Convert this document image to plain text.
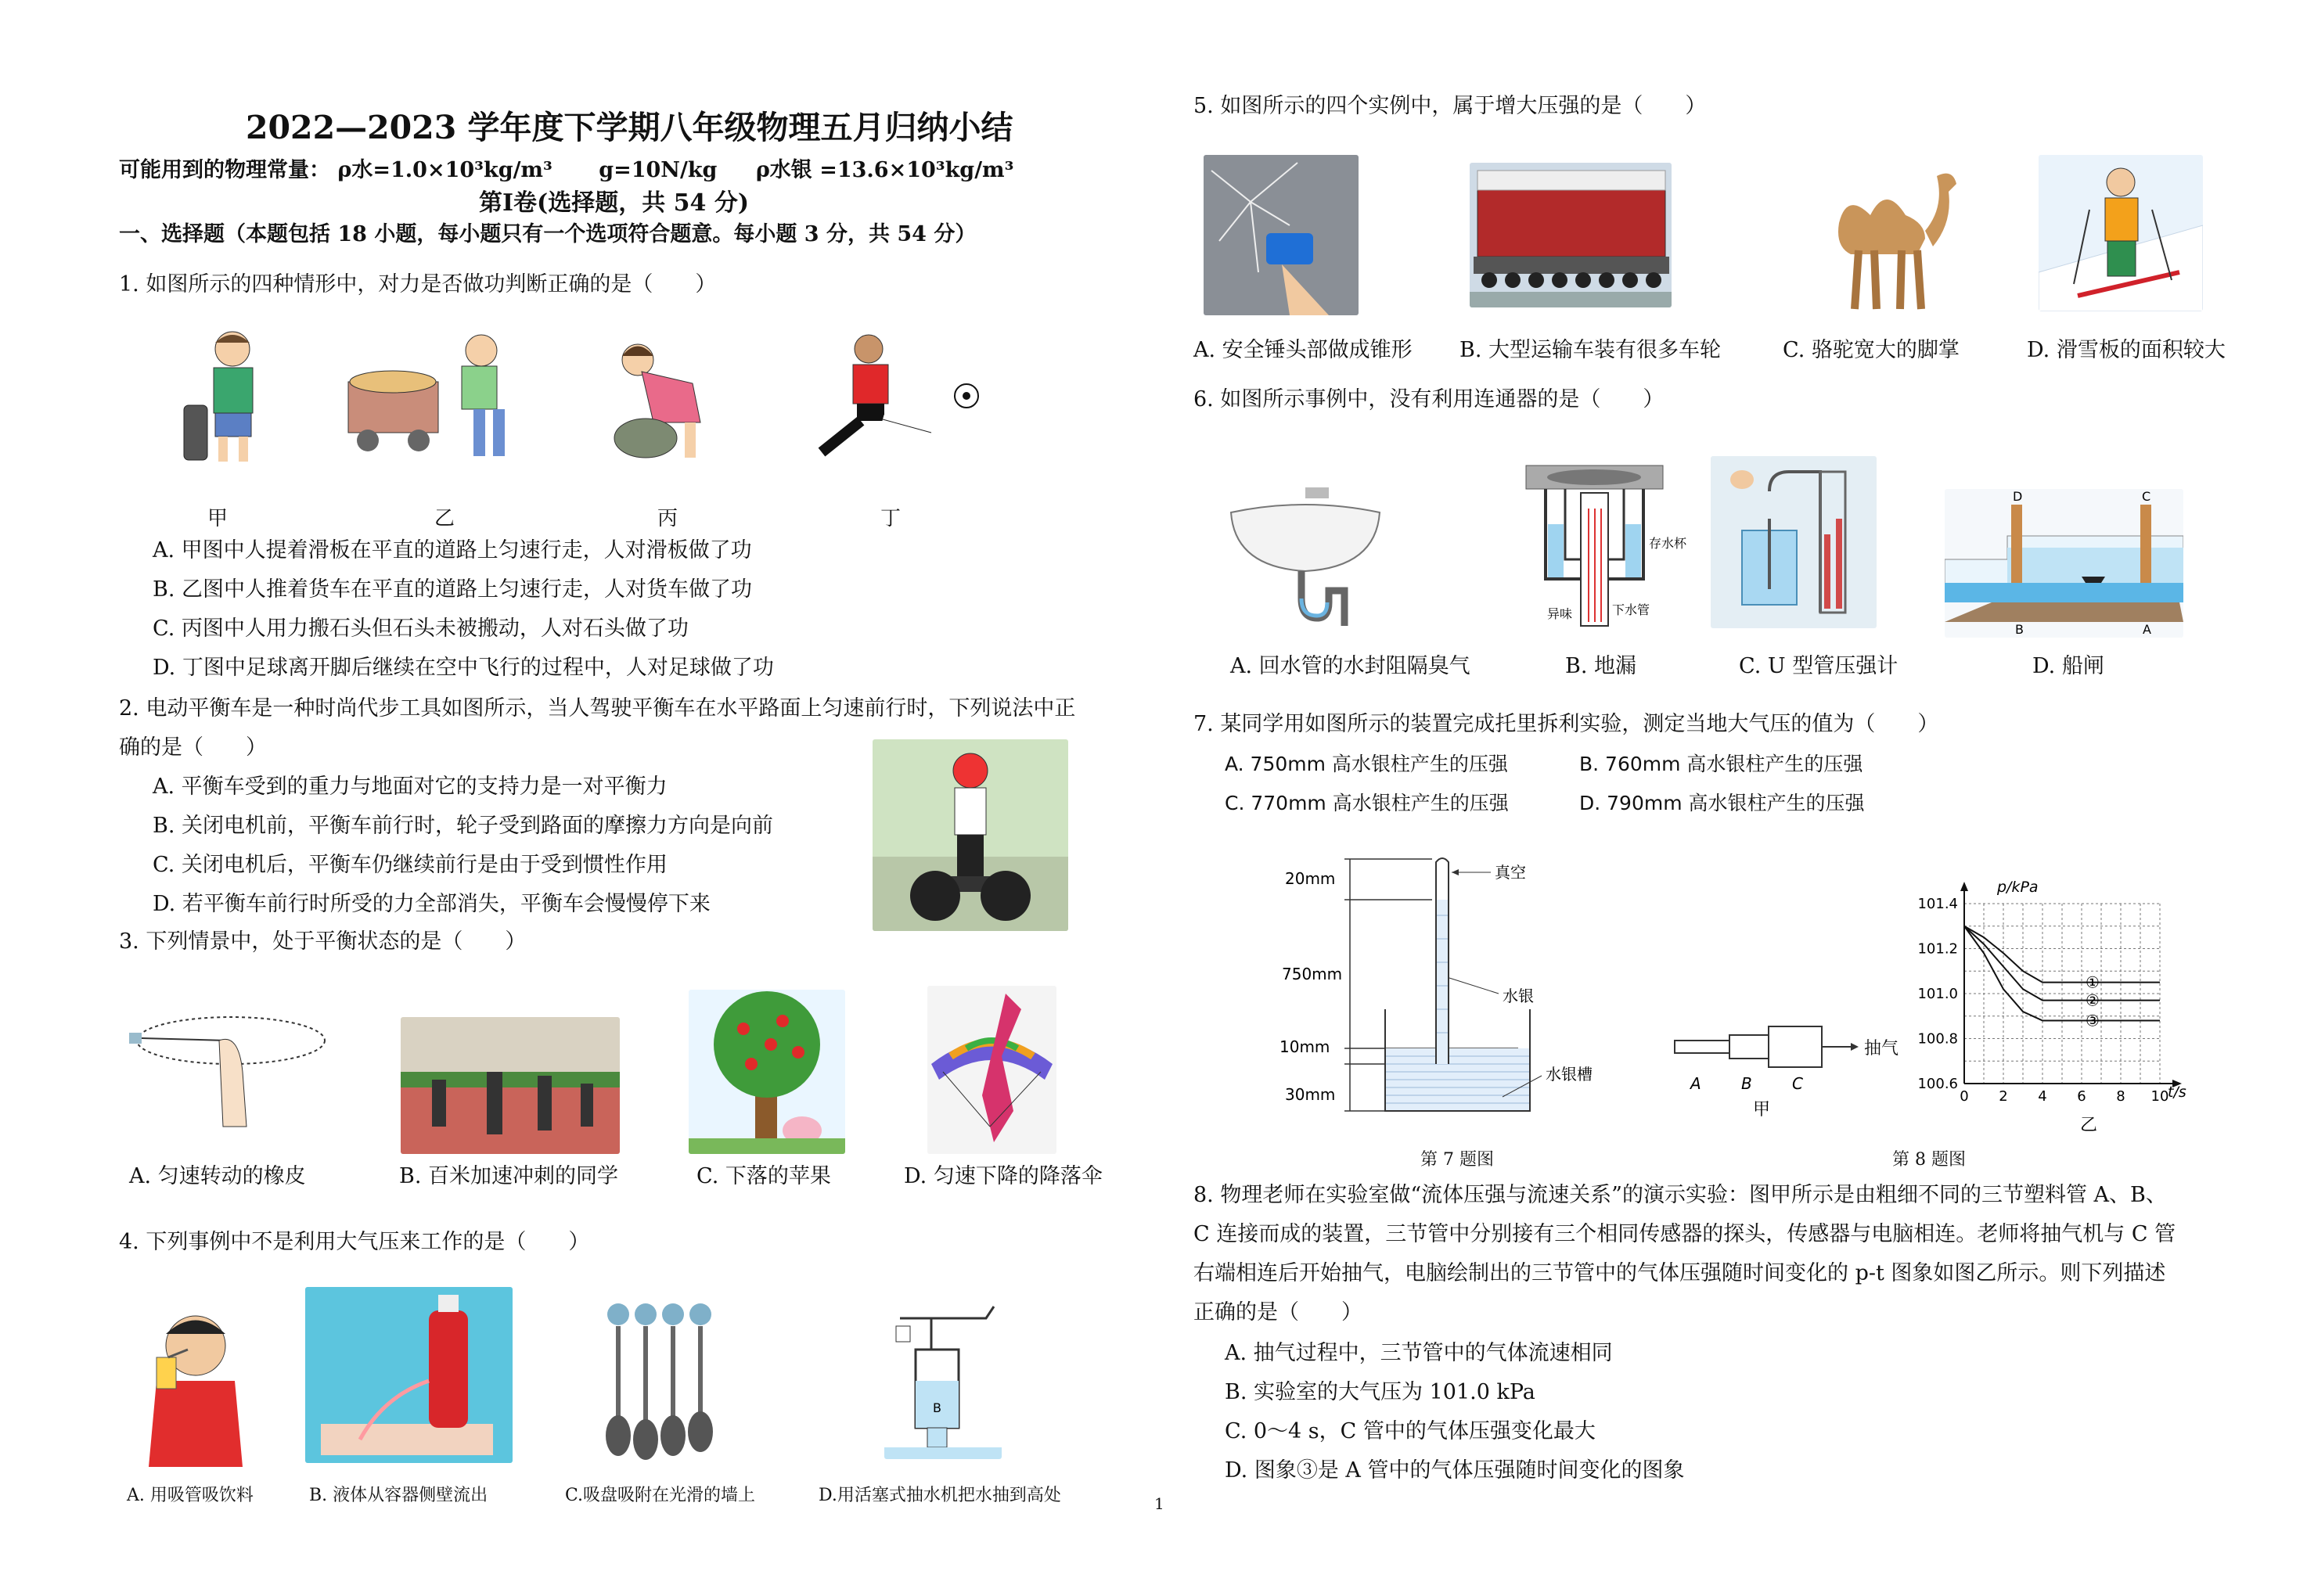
2022—2023 学年度下学期八年级物理五月归纳小结
可能用到的物理常量： ρ水=1.0×10³kg/m³ g=10N/kg ρ水银 =13.6×10³kg/m³
第Ⅰ卷(选择题，共 54 分)
一、选择题（本题包括 18 小题，每小题只有一个选项符合题意。每小题 3 分，共 54 分）
1. 如图所示的四种情形中，对力是否做功判断正确的是（　　）
甲	乙	丙	丁
A. 甲图中人提着滑板在平直的道路上匀速行走，人对滑板做了功
B. 乙图中人推着货车在平直的道路上匀速行走，人对货车做了功
C. 丙图中人用力搬石头但石头未被搬动，人对石头做了功
D. 丁图中足球离开脚后继续在空中飞行的过程中，人对足球做了功
2. 电动平衡车是一种时尚代步工具如图所示，当人驾驶平衡车在水平路面上匀速前行时，下列说法中正
确的是（　　）
A. 平衡车受到的重力与地面对它的支持力是一对平衡力
B. 关闭电机前，平衡车前行时，轮子受到路面的摩擦力方向是向前
C. 关闭电机后，平衡车仍继续前行是由于受到惯性作用
D. 若平衡车前行时所受的力全部消失，平衡车会慢慢停下来
3. 下列情景中，处于平衡状态的是（　　）
A. 匀速转动的橡皮	B. 百米加速冲刺的同学	C. 下落的苹果	D. 匀速下降的降落伞
4. 下列事例中不是利用大气压来工作的是（　　）
B
A. 用吸管吸饮料	B. 液体从容器侧壁流出	C.吸盘吸附在光滑的墙上	D.用活塞式抽水机把水抽到高处	1
5. 如图所示的四个实例中，属于增大压强的是（　　）
A. 安全锤头部做成锥形 B. 大型运输车装有很多车轮	C. 骆驼宽大的脚掌	D. 滑雪板的面积较大
6. 如图所示事例中，没有利用连通器的是（　　）
存水杯
异味	下水管
D	C
B	A
A. 回水管的水封阻隔臭气	B. 地漏	C. U 型管压强计	D. 船闸
7. 某同学用如图所示的装置完成托里拆利实验，测定当地大气压的值为（　　）
A. 750mm 高水银柱产生的压强	B. 760mm 高水银柱产生的压强
C. 770mm 高水银柱产生的压强	D. 790mm 高水银柱产生的压强
20mm
750mm
10mm
30mm
真空
水银
水银槽
第 7 题图
A	B	C
甲
抽气
0 2 4 6 8 10
100.6
100.8
101.0
101.2
101.4
①
②
③
p/kPa
t/s
乙
第 8 题图
8. 物理老师在实验室做“流体压强与流速关系”的演示实验：图甲所示是由粗细不同的三节塑料管 A、B、
C 连接而成的装置，三节管中分别接有三个相同传感器的探头，传感器与电脑相连。老师将抽气机与 C 管
右端相连后开始抽气，电脑绘制出的三节管中的气体压强随时间变化的 p-t 图象如图乙所示。则下列描述
正确的是（　　）
A. 抽气过程中，三节管中的气体流速相同
B. 实验室的大气压为 101.0 kPa
C. 0～4 s，C 管中的气体压强变化最大
D. 图象③是 A 管中的气体压强随时间变化的图象
